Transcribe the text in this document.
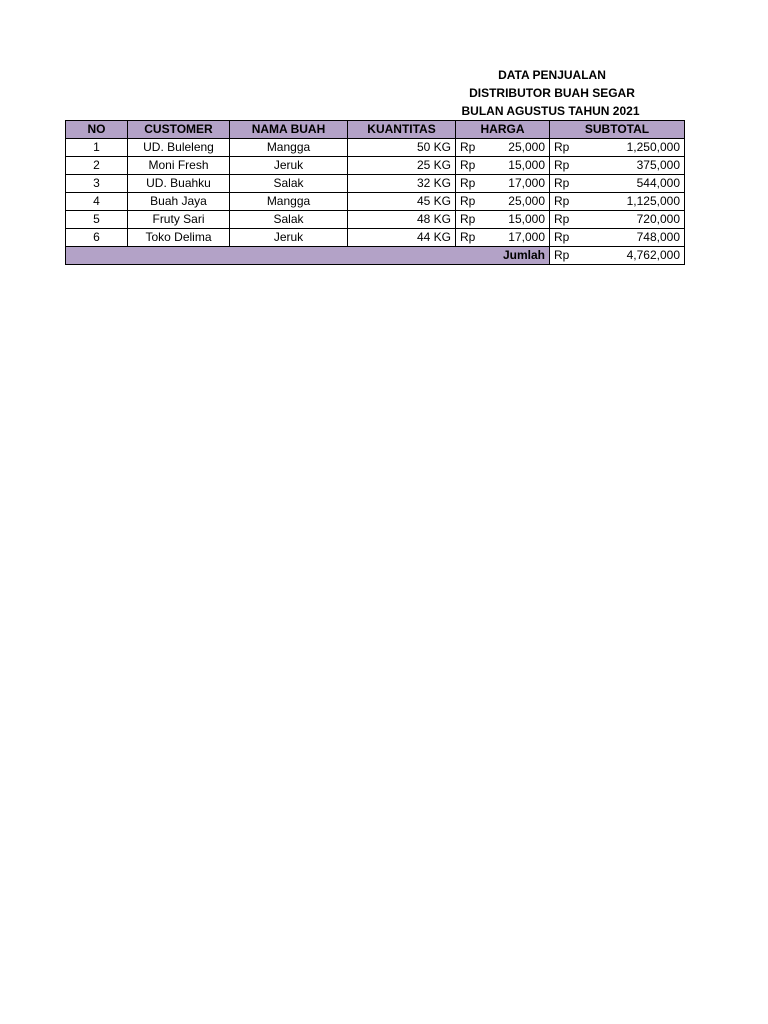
DATA PENJUALAN
DISTRIBUTOR BUAH SEGAR
BULAN AGUSTUS TAHUN 2021
NO	CUSTOMER	NAMA BUAH	KUANTITAS	HARGA		SUBTOTAL	
1	UD. Buleleng	Mangga	50 KG	Rp	25,000	Rp	1,250,000
2	Moni Fresh	Jeruk	25 KG	Rp	15,000	Rp	375,000
3	UD. Buahku	Salak	32 KG	Rp	17,000	Rp	544,000
4	Buah Jaya	Mangga	45 KG	Rp	25,000	Rp	1,125,000
5	Fruty Sari	Salak	48 KG	Rp	15,000	Rp	720,000
6	Toko Delima	Jeruk	44 KG	Rp	17,000	Rp	748,000
					Jumlah	Rp	4,762,000
